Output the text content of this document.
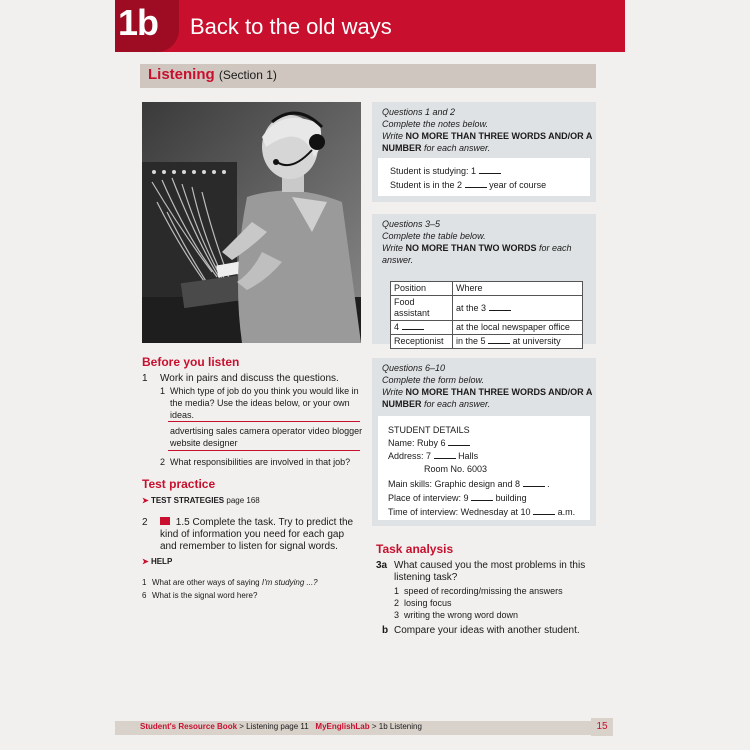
1b Back to the old ways
Listening (Section 1)
Before you listen
1 Work in pairs and discuss the questions.
1 Which type of job do you think you would like in the media? Use the ideas below, or your own ideas.
advertising sales camera operator video blogger
website designer
2 What responsibilities are involved in that job?
Test practice
➤ TEST STRATEGIES page 168
2	1.5 Complete the task. Try to predict the kind of information you need for each gap and remember to listen for signal words.
➤ HELP
1 What are other ways of saying I'm studying ...?
6 What is the signal word here?
Questions 1 and 2
Complete the notes below.
Write NO MORE THAN THREE WORDS AND/OR A NUMBER for each answer.
Student is studying: 1
Student is in the 2	year of course
Questions 3–5
Complete the table below.
Write NO MORE THAN TWO WORDS for each answer.
Position	Where
Food assistant	at the 3
4	at the local newspaper office
Receptionist	in the 5 at university
Questions 6–10
Complete the form below.
Write NO MORE THAN THREE WORDS AND/OR A NUMBER for each answer.
STUDENT DETAILS
Name: Ruby 6
Address: 7	Halls
Room No. 6003
Main skills: Graphic design and 8	.
Place of interview: 9	building
Time of interview: Wednesday at 10	a.m.
Task analysis
3a What caused you the most problems in this listening task?
1 speed of recording/missing the answers
2 losing focus
3 writing the wrong word down
b Compare your ideas with another student.
Student's Resource Book > Listening page 11 MyEnglishLab > 1b Listening	15
